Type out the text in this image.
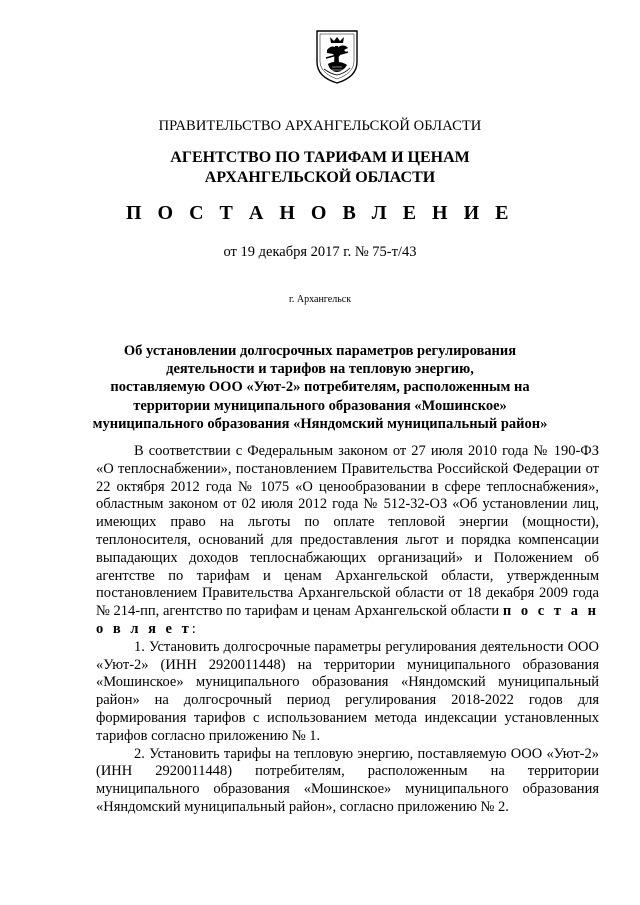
ПРАВИТЕЛЬСТВО АРХАНГЕЛЬСКОЙ ОБЛАСТИ
АГЕНТСТВО ПО ТАРИФАМ И ЦЕНАМ
АРХАНГЕЛЬСКОЙ ОБЛАСТИ
П О С Т А Н О В Л Е Н И Е
от 19 декабря 2017 г. № 75-т/43
г. Архангельск
Об установлении долгосрочных параметров регулирования
деятельности и тарифов на тепловую энергию,
поставляемую ООО «Уют-2» потребителям, расположенным на
территории муниципального образования «Мошинское»
муниципального образования «Няндомский муниципальный район»

В соответствии с Федеральным законом от 27 июля 2010 года № 190-ФЗ «О теплоснабжении», постановлением Правительства Российской Федерации от 22 октября 2012 года № 1075 «О ценообразовании в сфере теплоснабжения», областным законом от 02 июля 2012 года № 512-32-ОЗ «Об установлении лиц, имеющих право на льготы по оплате тепловой энергии (мощности), теплоносителя, оснований для предоставления льгот и порядка компенсации выпадающих доходов теплоснабжающих организаций» и Положением об агентстве по тарифам и ценам Архангельской области, утвержденным постановлением Правительства Архангельской области от 18 декабря 2009 года № 214-пп, агентство по тарифам и ценам Архангельской области п о с т а н о в л я е т:

1. Установить долгосрочные параметры регулирования деятельности ООО «Уют-2» (ИНН 2920011448) на территории муниципального образования «Мошинское» муниципального образования «Няндомский муниципальный район» на долгосрочный период регулирования 2018-2022 годов для формирования тарифов с использованием метода индексации установленных тарифов согласно приложению № 1.

2. Установить тарифы на тепловую энергию, поставляемую ООО «Уют-2» (ИНН 2920011448) потребителям, расположенным на территории муниципального образования «Мошинское» муниципального образования «Няндомский муниципальный район», согласно приложению № 2.
